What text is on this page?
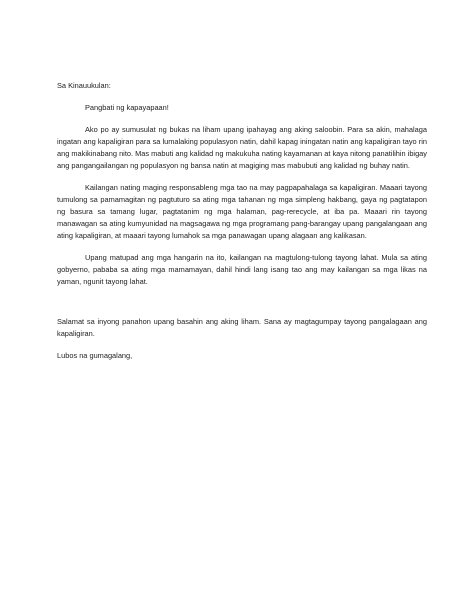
Sa Kinauukulan:

Pangbati ng kapayapaan!

Ako po ay sumusulat ng bukas na liham upang ipahayag ang aking saloobin. Para sa akin, mahalaga ingatan ang kapaligiran para sa lumalaking populasyon natin, dahil kapag iningatan natin ang kapaligiran tayo rin ang makikinabang nito. Mas mabuti ang kalidad ng makukuha nating kayamanan at kaya nitong panatilihin ibigay ang pangangailangan ng populasyon ng bansa natin at magiging mas mabubuti ang kalidad ng buhay natin.

Kailangan nating maging responsableng mga tao na may pagpapahalaga sa kapaligiran. Maaari tayong tumulong sa pamamagitan ng pagtuturo sa ating mga tahanan ng mga simpleng hakbang, gaya ng pagtatapon ng basura sa tamang lugar, pagtatanim ng mga halaman, pag-rerecycle, at iba pa. Maaari rin tayong manawagan sa ating kumyunidad na magsagawa ng mga programang pang-barangay upang pangalangaan ang ating kapaligiran, at maaari tayong lumahok sa mga panawagan upang alagaan ang kalikasan.

Upang matupad ang mga hangarin na ito, kailangan na magtulong-tulong tayong lahat. Mula sa ating gobyerno, pababa sa ating mga mamamayan, dahil hindi lang isang tao ang may kailangan sa mga likas na yaman, ngunit tayong lahat.

Salamat sa inyong panahon upang basahin ang aking liham. Sana ay magtagumpay tayong pangalagaan ang kapaligiran.

Lubos na gumagalang,
